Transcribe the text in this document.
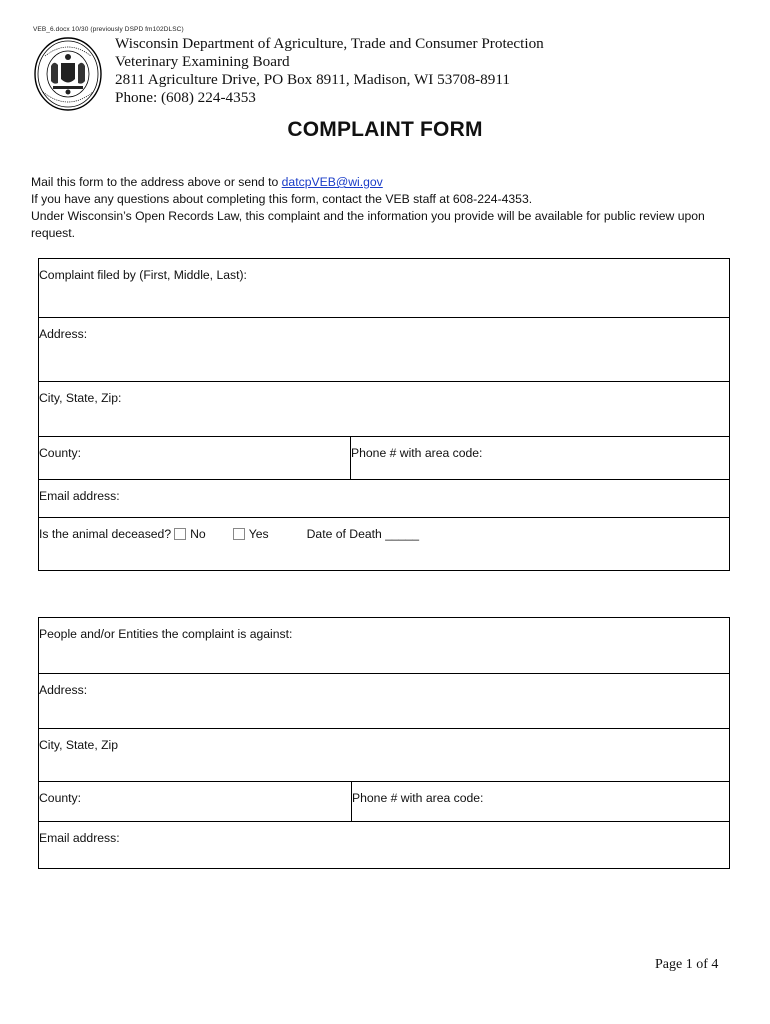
VEB_6.docx 10/30 (previously DSPD fm102DLSC)
Wisconsin Department of Agriculture, Trade and Consumer Protection
Veterinary Examining Board
2811 Agriculture Drive, PO Box 8911, Madison, WI 53708-8911
Phone: (608) 224-4353
COMPLAINT FORM
Mail this form to the address above or send to datcpVEB@wi.gov
If you have any questions about completing this form, contact the VEB staff at 608-224-4353.
Under Wisconsin’s Open Records Law, this complaint and the information you provide will be available for public review upon request.
Complaint filed by (First, Middle, Last):
Address:
City, State, Zip:
County:	Phone # with area code:
Email address:
Is the animal deceased? No	Yes	Date of Death _____
People and/or Entities the complaint is against:
Address:
City, State, Zip
County:	Phone # with area code:
Email address:
Page 1 of 4
